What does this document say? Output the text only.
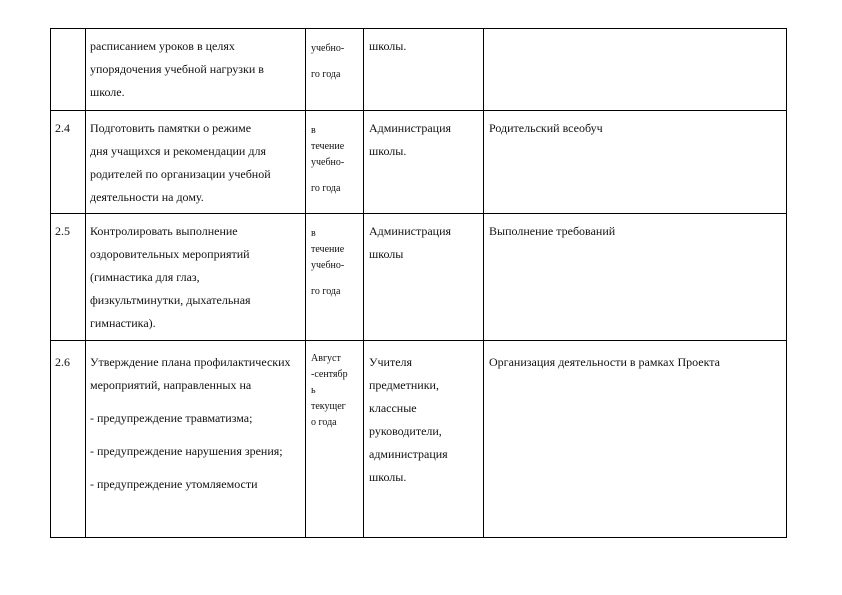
	расписанием уроков в целях
упорядочения учебной нагрузки в
школе.	учебно-
го года	школы.	

2.4	Подготовить памятки о режиме
дня учащихся и рекомендации для
родителей по организации учебной
деятельности на дому.	в
течение
учебно-
го года	Администрация школы.	Родительский всеобуч

2.5	Контролировать выполнение
оздоровительных мероприятий
(гимнастика для глаз,
физкультминутки, дыхательная
гимнастика).	в
течение
учебно-
го года	Администрация школы	Выполнение требований

2.6	Утверждение плана профилактических мероприятий, направленных на
- предупреждение травматизма;
- предупреждение нарушения зрения;
- предупреждение утомляемости	Август
-сентябр
ь
текущег
о года	Учителя предметники, классные руководители, администрация школы.	Организация деятельности в рамках Проекта
